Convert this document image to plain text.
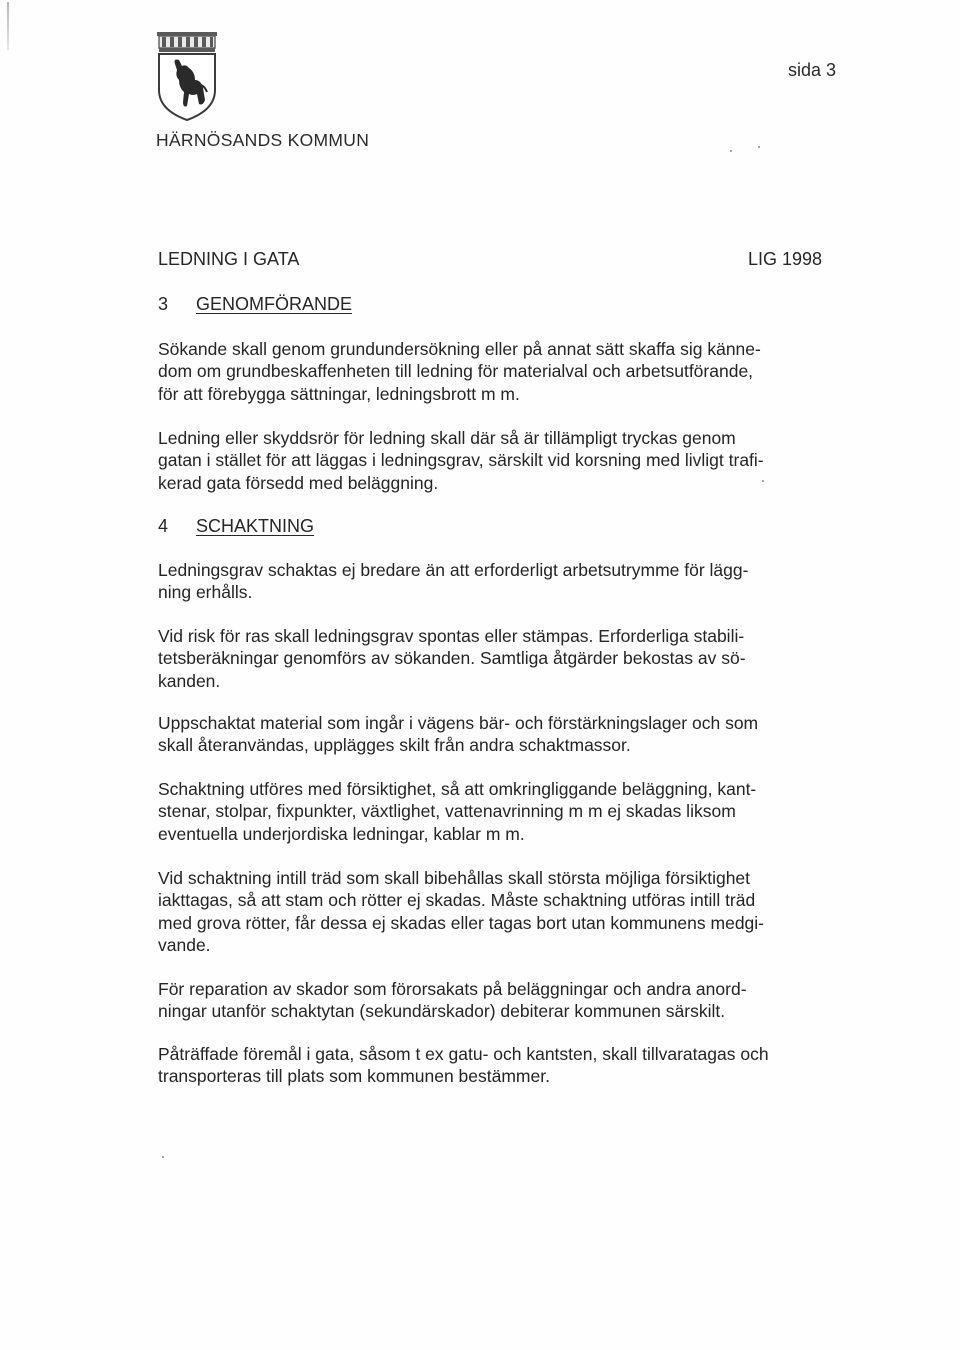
HÄRNÖSANDS KOMMUN
sida 3
LEDNING I GATA	LIG 1998
3 GENOMFÖRANDE

Sökande skall genom grundundersökning eller på annat sätt skaffa sig känne-
dom om grundbeskaffenheten till ledning för materialval och arbetsutförande,
för att förebygga sättningar, ledningsbrott m m.

Ledning eller skyddsrör för ledning skall där så är tillämpligt tryckas genom
gatan i stället för att läggas i ledningsgrav, särskilt vid korsning med livligt trafi-
kerad gata försedd med beläggning.

4 SCHAKTNING

Ledningsgrav schaktas ej bredare än att erforderligt arbetsutrymme för lägg-
ning erhålls.

Vid risk för ras skall ledningsgrav spontas eller stämpas. Erforderliga stabili-
tetsberäkningar genomförs av sökanden. Samtliga åtgärder bekostas av sö-
kanden.

Uppschaktat material som ingår i vägens bär- och förstärkningslager och som
skall återanvändas, upplägges skilt från andra schaktmassor.

Schaktning utföres med försiktighet, så att omkringliggande beläggning, kant-
stenar, stolpar, fixpunkter, växtlighet, vattenavrinning m m ej skadas liksom
eventuella underjordiska ledningar, kablar m m.

Vid schaktning intill träd som skall bibehållas skall största möjliga försiktighet
iakttagas, så att stam och rötter ej skadas. Måste schaktning utföras intill träd
med grova rötter, får dessa ej skadas eller tagas bort utan kommunens medgi-
vande.

För reparation av skador som förorsakats på beläggningar och andra anord-
ningar utanför schaktytan (sekundärskador) debiterar kommunen särskilt.

Påträffade föremål i gata, såsom t ex gatu- och kantsten, skall tillvaratagas och
transporteras till plats som kommunen bestämmer.
